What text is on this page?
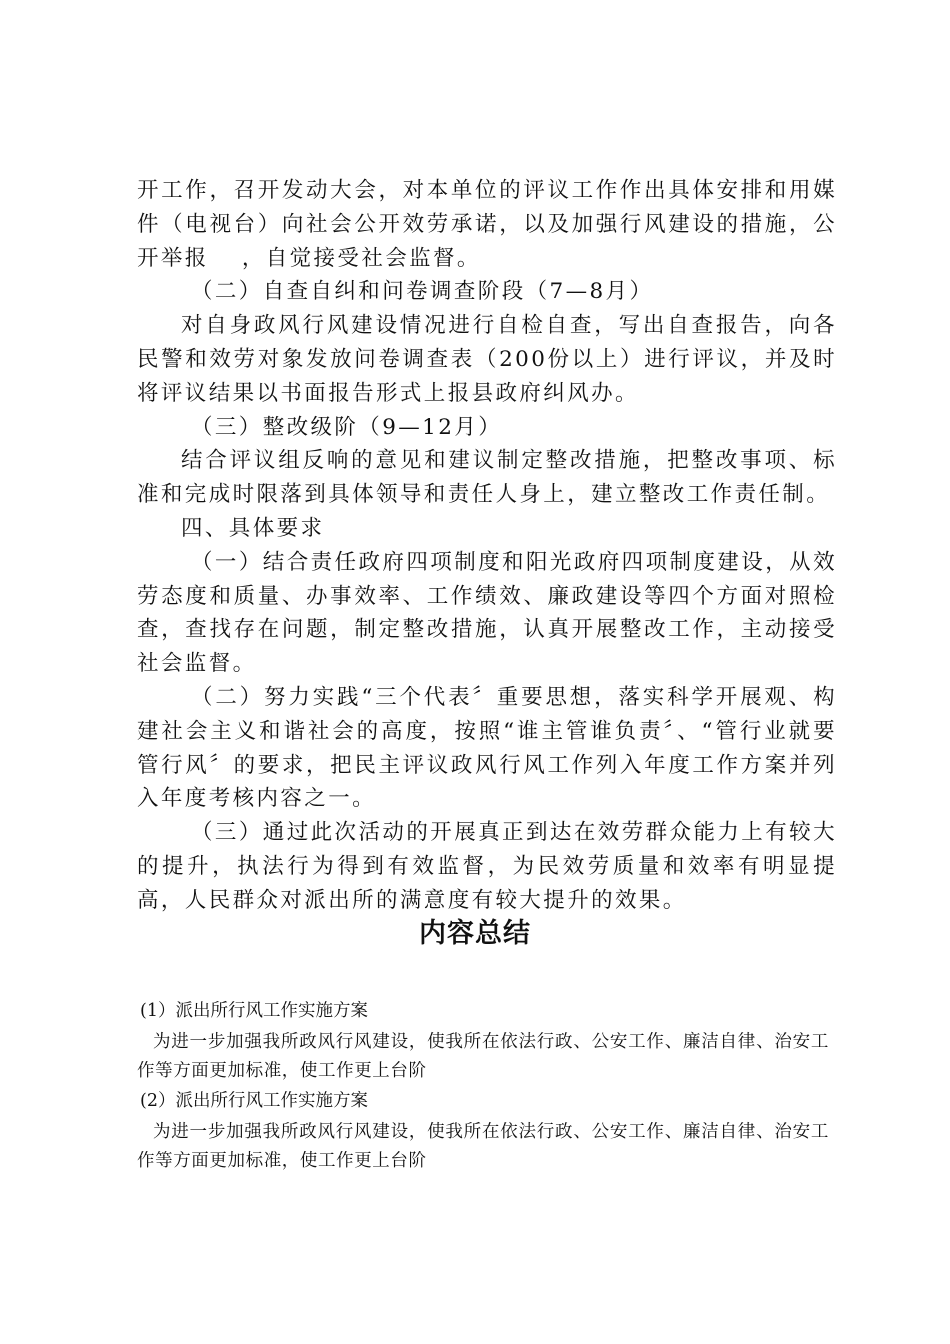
开工作，召开发动大会，对本单位的评议工作作出具体安排和用媒件（电视台）向社会公开效劳承诺，以及加强行风建设的措施，公开举报　 ，自觉接受社会监督。

（二）自查自纠和问卷调查阶段（7—8月）

对自身政风行风建设情况进行自检自查，写出自查报告，向各民警和效劳对象发放问卷调查表（200份以上）进行评议，并及时将评议结果以书面报告形式上报县政府纠风办。

（三）整改级阶（9—12月）

结合评议组反响的意见和建议制定整改措施，把整改事项、标准和完成时限落到具体领导和责任人身上，建立整改工作责任制。

四、具体要求

（一）结合责任政府四项制度和阳光政府四项制度建设，从效劳态度和质量、办事效率、工作绩效、廉政建设等四个方面对照检查，查找存在问题，制定整改措施，认真开展整改工作，主动接受社会监督。

（二）努力实践“三个代表〞重要思想，落实科学开展观、构建社会主义和谐社会的高度，按照“谁主管谁负责〞、“管行业就要管行风〞的要求，把民主评议政风行风工作列入年度工作方案并列入年度考核内容之一。

（三）通过此次活动的开展真正到达在效劳群众能力上有较大的提升，执法行为得到有效监督，为民效劳质量和效率有明显提高，人民群众对派出所的满意度有较大提升的效果。

内容总结

(1）派出所行风工作实施方案

为进一步加强我所政风行风建设，使我所在依法行政、公安工作、廉洁自律、治安工作等方面更加标准，使工作更上台阶

(2）派出所行风工作实施方案

为进一步加强我所政风行风建设，使我所在依法行政、公安工作、廉洁自律、治安工作等方面更加标准，使工作更上台阶
